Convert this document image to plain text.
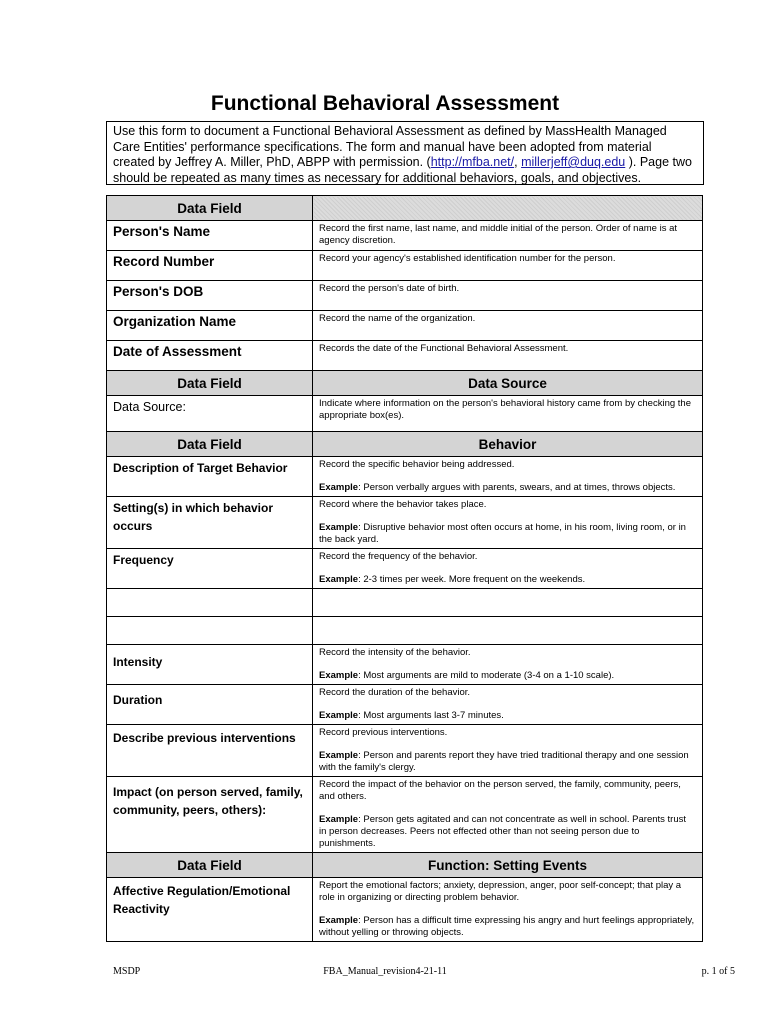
Functional Behavioral Assessment
Use this form to document a Functional Behavioral Assessment as defined by MassHealth Managed Care Entities' performance specifications. The form and manual have been adopted from material created by Jeffrey A. Miller, PhD, ABPP with permission. (http://mfba.net/, millerjeff@duq.edu ). Page two should be repeated as many times as necessary for additional behaviors, goals, and objectives.
Data Field	
Person's Name	Record the first name, last name, and middle initial of the person. Order of name is at agency discretion.
Record Number	Record your agency's established identification number for the person.
Person's DOB	Record the person's date of birth.
Organization Name	Record the name of the organization.
Date of Assessment	Records the date of the Functional Behavioral Assessment.
Data Field	Data Source
Data Source:	Indicate where information on the person's behavioral history came from by checking the appropriate box(es).
Data Field	Behavior
Description of Target Behavior	Record the specific behavior being addressed.
Example: Person verbally argues with parents, swears, and at times, throws objects.

Setting(s) in which behavior occurs	Record where the behavior takes place.
Example: Disruptive behavior most often occurs at home, in his room, living room, or in the back yard.

Frequency	Record the frequency of the behavior.
Example: 2-3 times per week. More frequent on the weekends.

Intensity	Record the intensity of the behavior.
Example: Most arguments are mild to moderate (3-4 on a 1-10 scale).

Duration	Record the duration of the behavior.
Example: Most arguments last 3-7 minutes.

Describe previous interventions	Record previous interventions.
Example: Person and parents report they have tried traditional therapy and one session with the family's clergy.

Impact (on person served, family, community, peers, others):	Record the impact of the behavior on the person served, the family, community, peers, and others.
Example: Person gets agitated and can not concentrate as well in school. Parents trust in person decreases. Peers not effected other than not seeing person due to punishments.

Data Field	Function: Setting Events

Affective Regulation/Emotional Reactivity	Report the emotional factors; anxiety, depression, anger, poor self-concept; that play a role in organizing or directing problem behavior.
Example: Person has a difficult time expressing his angry and hurt feelings appropriately, without yelling or throwing objects.
MSDP	FBA_Manual_revision4-21-11	p. 1 of 5
